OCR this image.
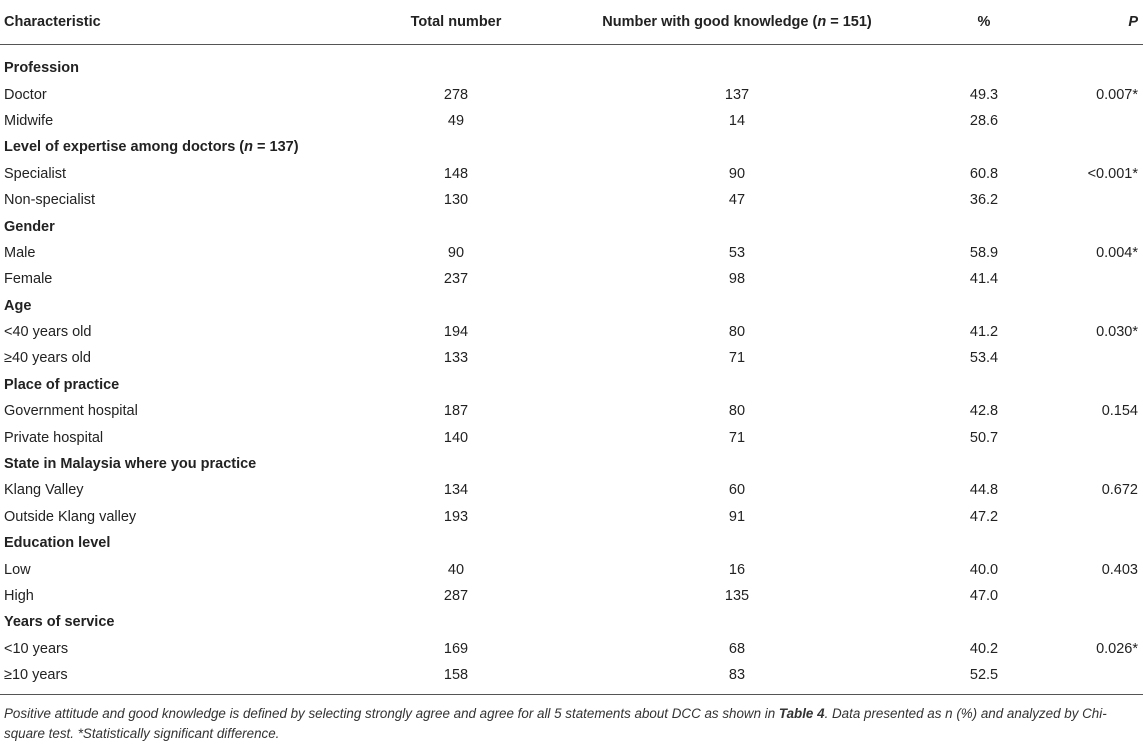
Characteristic	Total number	Number with good knowledge (n = 151)	%	P
Profession
Doctor	278	137	49.3	0.007*
Midwife	49	14	28.6
Level of expertise among doctors (n = 137)
Specialist	148	90	60.8	<0.001*
Non-specialist	130	47	36.2
Gender
Male	90	53	58.9	0.004*
Female	237	98	41.4
Age
<40 years old	194	80	41.2	0.030*
≥40 years old	133	71	53.4
Place of practice
Government hospital	187	80	42.8	0.154
Private hospital	140	71	50.7
State in Malaysia where you practice
Klang Valley	134	60	44.8	0.672
Outside Klang valley	193	91	47.2
Education level
Low	40	16	40.0	0.403
High	287	135	47.0
Years of service
<10 years	169	68	40.2	0.026*
≥10 years	158	83	52.5
Positive attitude and good knowledge is defined by selecting strongly agree and agree for all 5 statements about DCC as shown in Table 4. Data presented as n (%) and analyzed by Chi-square test. *Statistically significant difference.
